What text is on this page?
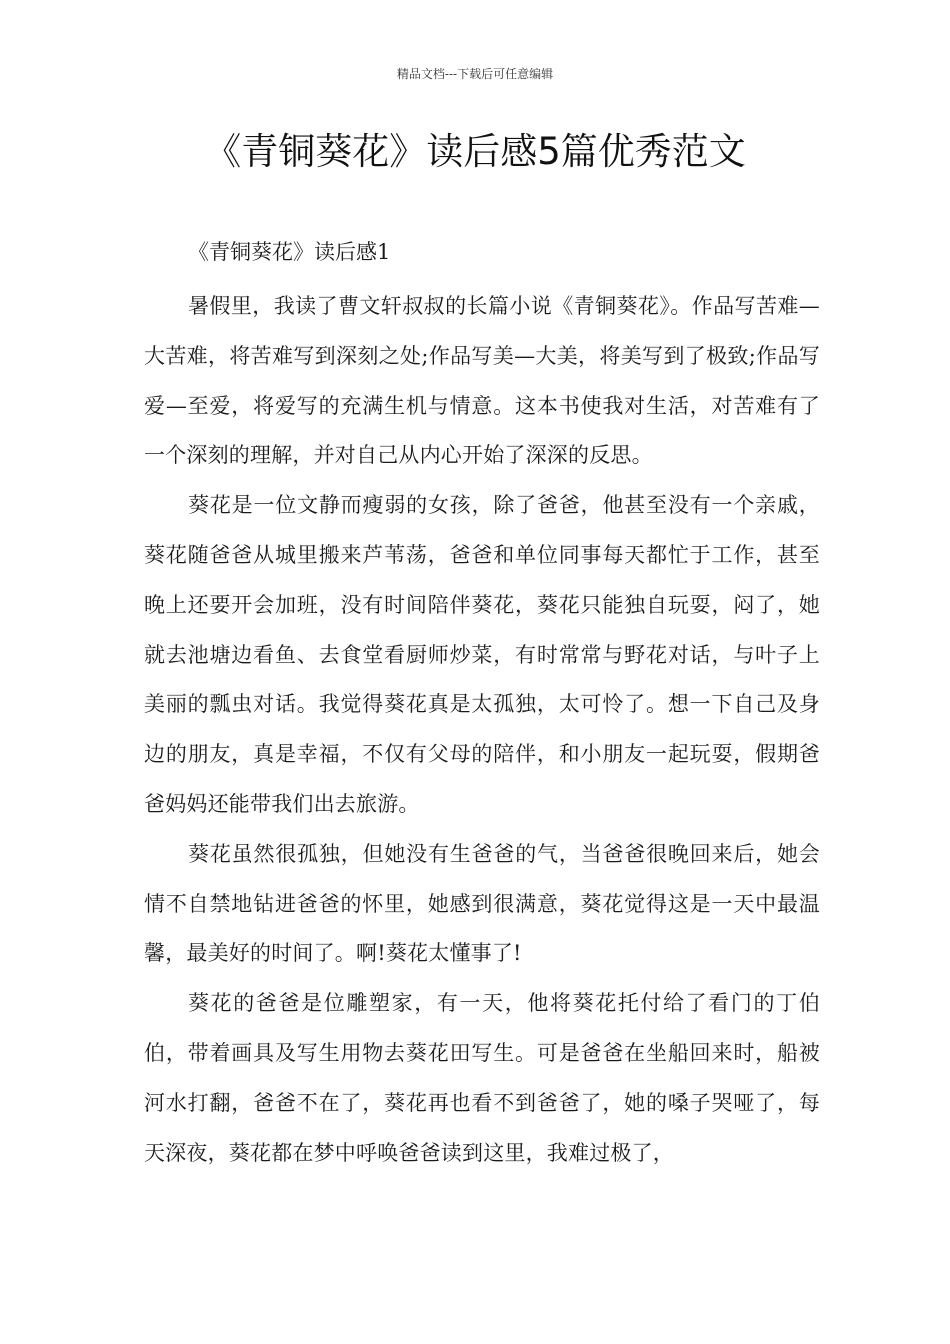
精品文档---下载后可任意编辑
《青铜葵花》读后感5篇优秀范文
《青铜葵花》读后感1

暑假里，我读了曹文轩叔叔的长篇小说《青铜葵花》。作品写苦难—大苦难，将苦难写到深刻之处;作品写美—大美，将美写到了极致;作品写爱—至爱，将爱写的充满生机与情意。这本书使我对生活，对苦难有了一个深刻的理解，并对自己从内心开始了深深的反思。

葵花是一位文静而瘦弱的女孩，除了爸爸，他甚至没有一个亲戚，葵花随爸爸从城里搬来芦苇荡，爸爸和单位同事每天都忙于工作，甚至晚上还要开会加班，没有时间陪伴葵花，葵花只能独自玩耍，闷了，她就去池塘边看鱼、去食堂看厨师炒菜，有时常常与野花对话，与叶子上美丽的瓢虫对话。我觉得葵花真是太孤独，太可怜了。想一下自己及身边的朋友，真是幸福，不仅有父母的陪伴，和小朋友一起玩耍，假期爸爸妈妈还能带我们出去旅游。

葵花虽然很孤独，但她没有生爸爸的气，当爸爸很晚回来后，她会情不自禁地钻进爸爸的怀里，她感到很满意，葵花觉得这是一天中最温馨，最美好的时间了。啊!葵花太懂事了!

葵花的爸爸是位雕塑家，有一天，他将葵花托付给了看门的丁伯伯，带着画具及写生用物去葵花田写生。可是爸爸在坐船回来时，船被河水打翻，爸爸不在了，葵花再也看不到爸爸了，她的嗓子哭哑了，每天深夜，葵花都在梦中呼唤爸爸读到这里，我难过极了，
